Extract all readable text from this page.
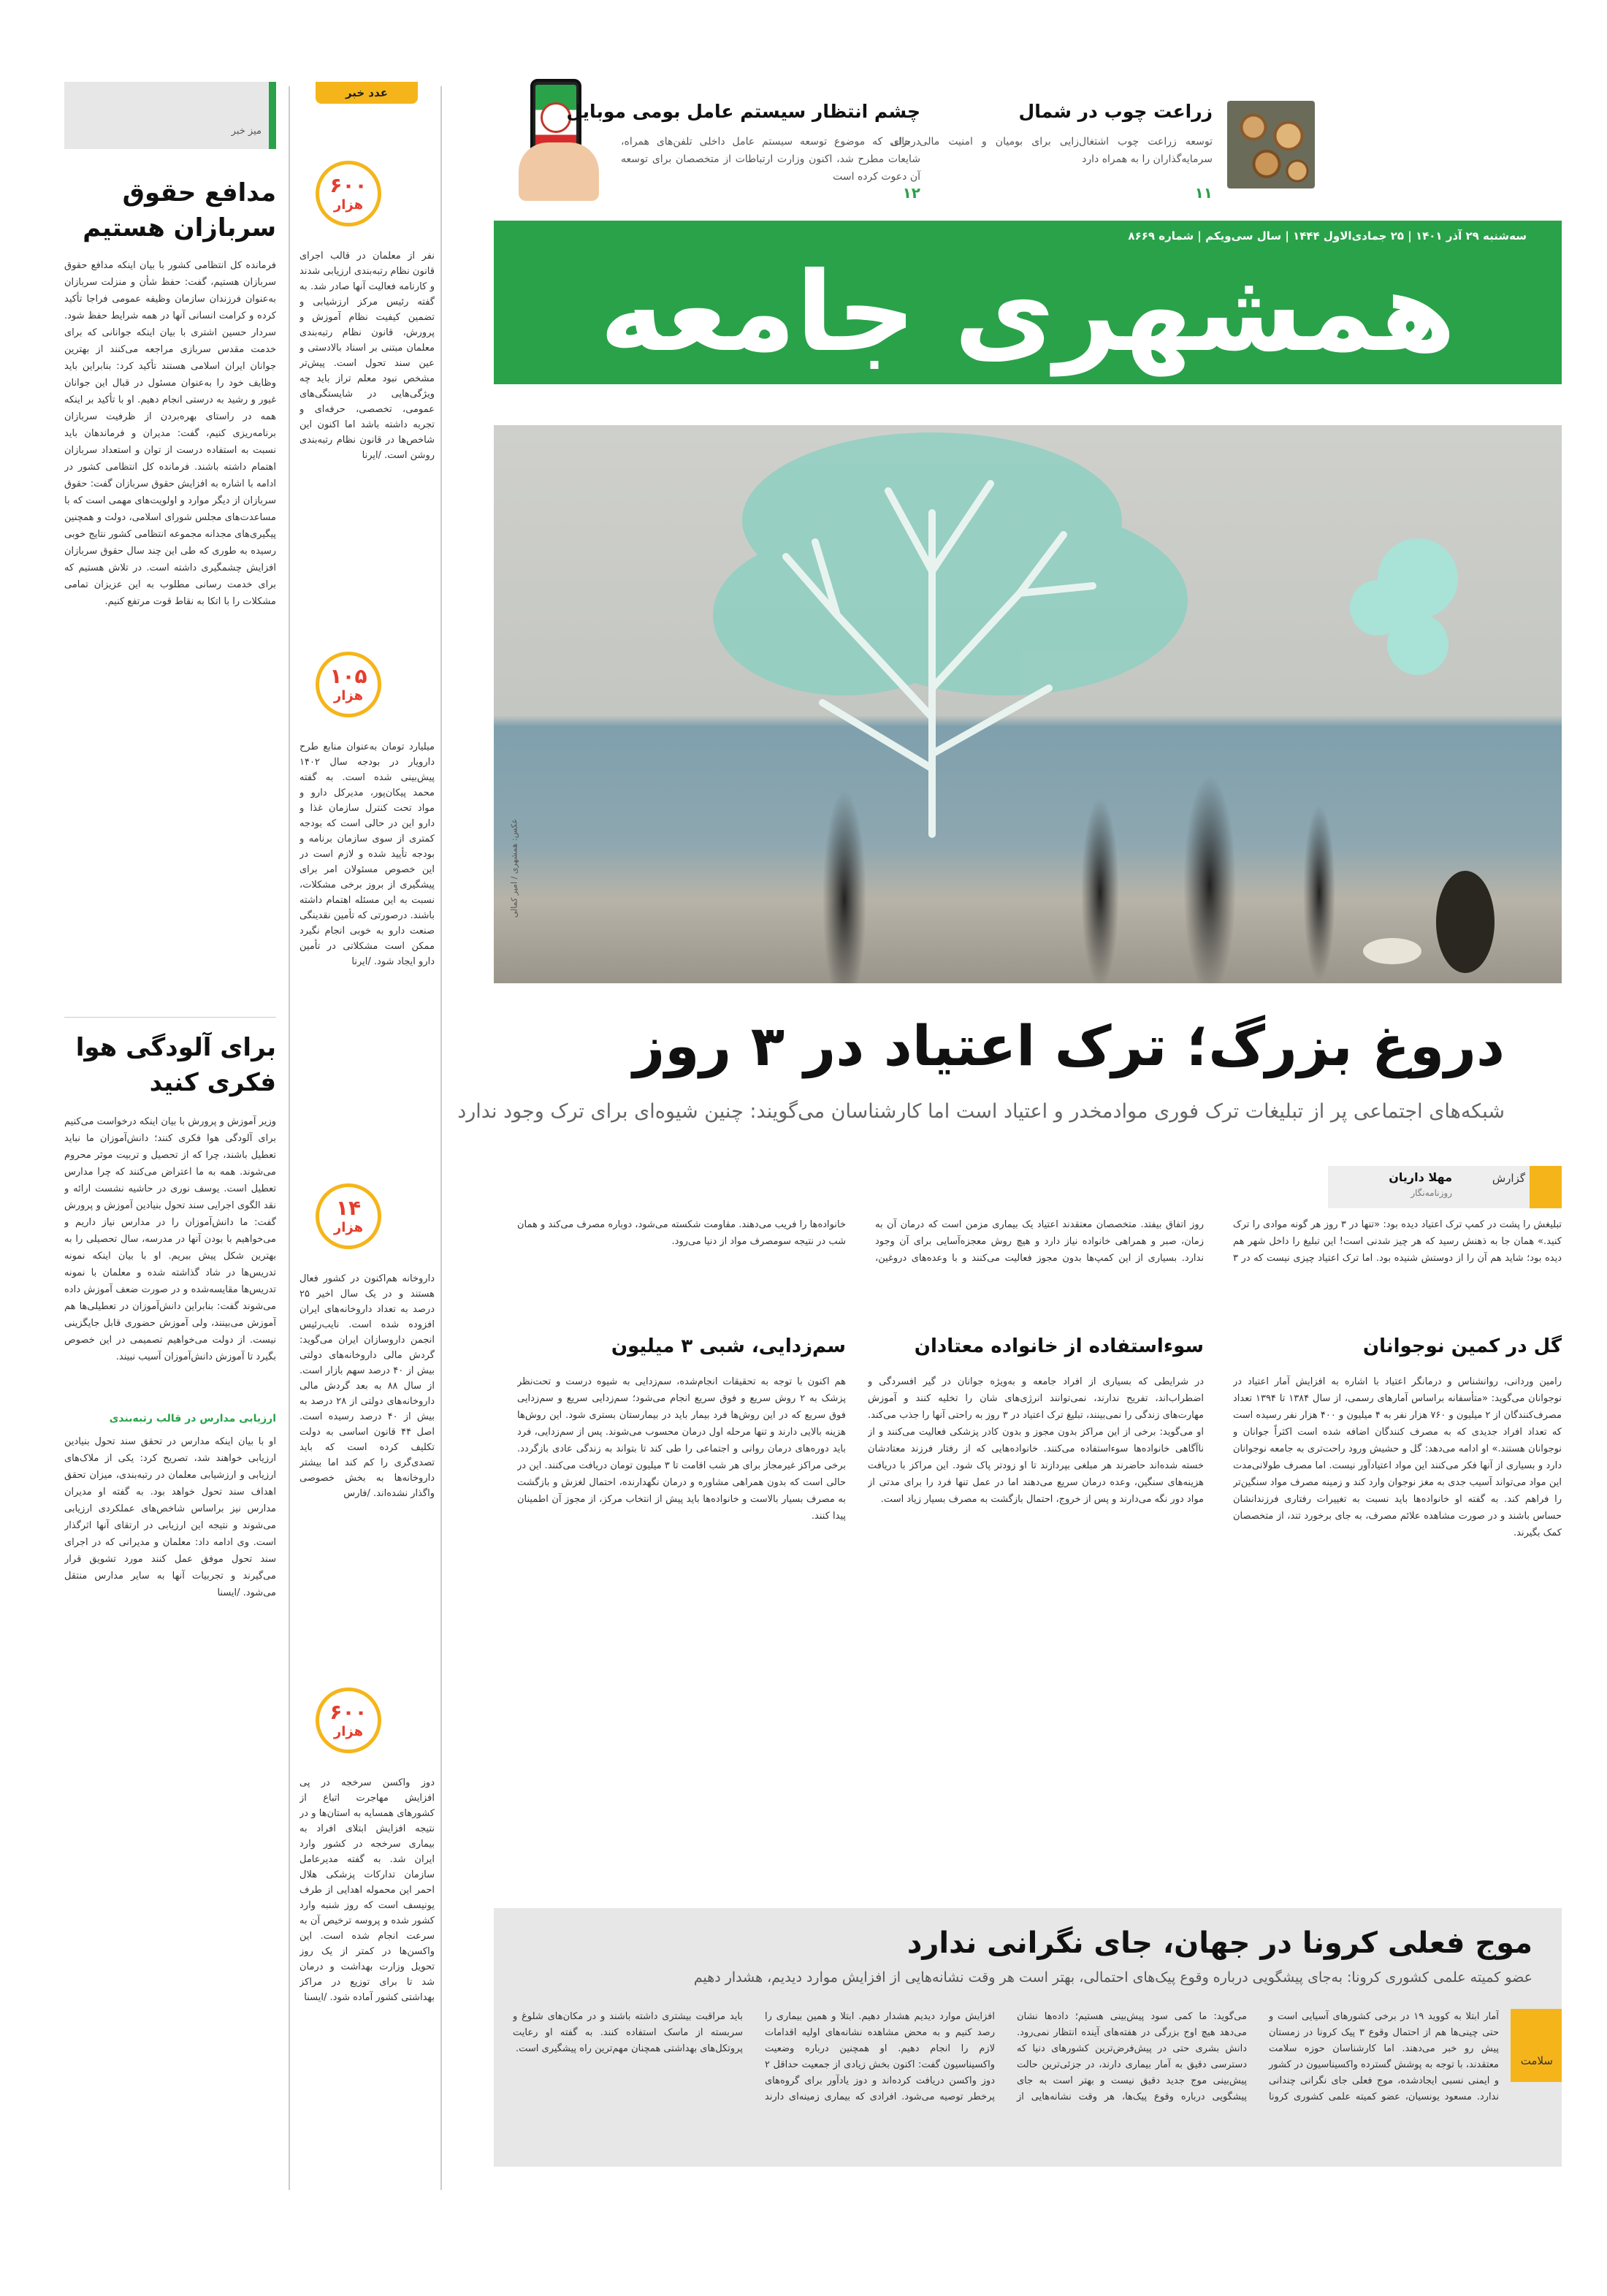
زراعت چوب در شمال
توسعه زراعت چوب اشتغال‌زایی برای بومیان و امنیت مالی برای سرمایه‌گذاران را به همراه دارد
۱۱
چشم انتظار سیستم عامل بومی موبایل
درحالی که موضوع توسعه سیستم عامل داخلی تلفن‌های همراه، شایعات مطرح شد، اکنون وزارت ارتباطات از متخصصان برای توسعه آن دعوت کرده است
۱۲
سه‌شنبه ۲۹ آذر ۱۴۰۱ | ۲۵ جمادی‌الاول ۱۴۴۴ | سال سی‌ویکم | شماره ۸۶۶۹
همشهری جامعه
عکس: همشهری / امیر کمالی
دروغ بزرگ؛ ترک اعتیاد در ۳ روز
شبکه‌های اجتماعی پر از تبلیغات ترک فوری موادمخدر و اعتیاد است اما کارشناسان می‌گویند: چنین شیوه‌ای برای ترک وجود ندارد
گزارش
مهلا داریان
روزنامه‌نگار
تبلیغش را پشت در کمپ ترک اعتیاد دیده بود: «تنها در ۳ روز هر گونه موادی را ترک کنید.» همان جا به ذهنش رسید که هر چیز شدنی است! این تبلیغ را داخل شهر هم دیده بود؛ شاید هم آن را از دوستش شنیده بود. اما ترک اعتیاد چیزی نیست که در ۳ روز اتفاق بیفتد. متخصصان معتقدند اعتیاد یک بیماری مزمن است که درمان آن به زمان، صبر و همراهی خانواده نیاز دارد و هیچ روش معجزه‌آسایی برای آن وجود ندارد. بسیاری از این کمپ‌ها بدون مجوز فعالیت می‌کنند و با وعده‌های دروغین، خانواده‌ها را فریب می‌دهند. مقاومت شکسته می‌شود، دوباره مصرف می‌کند و همان شب در نتیجه سو‌مصرف مواد از دنیا می‌رود.
گل در کمین نوجوانان
رامین وردانی، روانشناس و درمانگر اعتیاد با اشاره به افزایش آمار اعتیاد در نوجوانان می‌گوید: «متأسفانه براساس آمارهای رسمی، از سال ۱۳۸۴ تا ۱۳۹۴ تعداد مصرف‌کنندگان از ۲ میلیون و ۷۶۰ هزار نفر به ۴ میلیون و ۴۰۰ هزار نفر رسیده است که تعداد افراد جدیدی که به مصرف کنندگان اضافه شده است اکثراً جوانان و نوجوانان هستند.» او ادامه می‌دهد: گل و حشیش ورود راحت‌تری به جامعه نوجوانان دارد و بسیاری از آنها فکر می‌کنند این مواد اعتیادآور نیست. اما مصرف طولانی‌مدت این مواد می‌تواند آسیب جدی به مغز نوجوان وارد کند و زمینه مصرف مواد سنگین‌تر را فراهم کند. به گفته او خانواده‌ها باید نسبت به تغییرات رفتاری فرزندانشان حساس باشند و در صورت مشاهده علائم مصرف، به جای برخورد تند، از متخصصان کمک بگیرند.
سوءاستفاده از خانواده معتادان
در شرایطی که بسیاری از افراد جامعه و به‌ویژه جوانان در گیر افسردگی و اضطراب‌اند، تفریح ندارند، نمی‌توانند انرژی‌های شان را تخلیه کنند و آموزش مهارت‌های زندگی را نمی‌بینند، تبلیغ ترک اعتیاد در ۳ روز به راحتی آنها را جذب می‌کند. او می‌گوید: برخی از این مراکز بدون مجوز و بدون کادر پزشکی فعالیت می‌کنند و از ناآگاهی خانواده‌ها سوءاستفاده می‌کنند. خانواده‌هایی که از رفتار فرزند معتادشان خسته شده‌اند حاضرند هر مبلغی بپردازند تا او زودتر پاک شود. این مراکز با دریافت هزینه‌های سنگین، وعده درمان سریع می‌دهند اما در عمل تنها فرد را برای مدتی از مواد دور نگه می‌دارند و پس از خروج، احتمال بازگشت به مصرف بسیار زیاد است.
سم‌زدایی، شبی ۳ میلیون
هم اکنون با توجه به تحقیقات انجام‌شده، سم‌زدایی به شیوه درست و تحت‌نظر پزشک به ۲ روش سریع و فوق سریع انجام می‌شود؛ سم‌زدایی سریع و سم‌زدایی فوق سریع که در این روش‌ها فرد بیمار باید در بیمارستان بستری شود. این روش‌ها هزینه بالایی دارند و تنها مرحله اول درمان محسوب می‌شوند. پس از سم‌زدایی، فرد باید دوره‌های درمان روانی و اجتماعی را طی کند تا بتواند به زندگی عادی بازگردد. برخی مراکز غیرمجاز برای هر شب اقامت تا ۳ میلیون تومان دریافت می‌کنند. این در حالی است که بدون همراهی مشاوره و درمان نگهدارنده، احتمال لغزش و بازگشت به مصرف بسیار بالاست و خانواده‌ها باید پیش از انتخاب مرکز، از مجوز آن اطمینان پیدا کنند.
موج فعلی کرونا در جهان، جای نگرانی ندارد
عضو کمیته علمی کشوری کرونا: به‌جای پیشگویی درباره وقوع پیک‌های احتمالی، بهتر است هر وقت نشانه‌هایی از افزایش موارد دیدیم، هشدار دهیم
سلامت
آمار ابتلا به کووید ۱۹ در برخی کشورهای آسیایی است و حتی چینی‌ها هم از احتمال وقوع ۳ پیک کرونا در زمستان پیش رو خبر می‌دهند. اما کارشناسان حوزه سلامت معتقدند، با توجه به پوشش گسترده واکسیناسیون در کشور و ایمنی نسبی ایجادشده، موج فعلی جای نگرانی چندانی ندارد. مسعود یونسیان، عضو کمیته علمی کشوری کرونا می‌گوید: ما کمی سود پیش‌بینی هستیم؛ داده‌ها نشان می‌دهد هیچ اوج بزرگی در هفته‌های آینده انتظار نمی‌رود. دانش بشری حتی در پیش‌فرض‌ترین کشورهای دنیا که دسترسی دقیق به آمار بیماری دارند، در جزئی‌ترین حالت پیش‌بینی موج جدید دقیق نیست و بهتر است به جای پیشگویی درباره وقوع پیک‌ها، هر وقت نشانه‌هایی از افزایش موارد دیدیم هشدار دهیم. ابتلا و همین بیماری را رصد کنیم و به محض مشاهده نشانه‌های اولیه اقدامات لازم را انجام دهیم. او همچنین درباره وضعیت واکسیناسیون گفت: اکنون بخش زیادی از جمعیت حداقل ۲ دوز واکسن دریافت کرده‌اند و دوز یادآور برای گروه‌های پرخطر توصیه می‌شود. افرادی که بیماری زمینه‌ای دارند باید مراقبت بیشتری داشته باشند و در مکان‌های شلوغ و سربسته از ماسک استفاده کنند. به گفته او رعایت پروتکل‌های بهداشتی همچنان مهم‌ترین راه پیشگیری است.
عدد خبر
۶۰۰
هزار
نفر از معلمان در قالب اجرای قانون نظام رتبه‌بندی ارزیابی شدند و کارنامه فعالیت آنها صادر شد. به گفته رئیس مرکز ارزشیابی و تضمین کیفیت نظام آموزش و پرورش، قانون نظام رتبه‌بندی معلمان مبتنی بر اسناد بالادستی و عین سند تحول است. پیش‌تر مشخص نبود معلم تراز باید چه ویژگی‌هایی در شایستگی‌های عمومی، تخصصی، حرفه‌ای و تجربه داشته باشد اما اکنون این شاخص‌ها در قانون نظام رتبه‌بندی روشن است. /ایرنا
۱۰۵
هزار
میلیارد تومان به‌عنوان منابع طرح دارویار در بودجه سال ۱۴۰۲ پیش‌بینی شده است. به گفته محمد پیکان‌پور، مدیرکل دارو و مواد تحت کنترل سازمان غذا و دارو این در حالی است که بودجه کمتری از سوی سازمان برنامه و بودجه تأیید شده و لازم است در این خصوص مسئولان امر برای پیشگیری از بروز برخی مشکلات، نسبت به این مسئله اهتمام داشته باشند. درصورتی که تأمین نقدینگی صنعت دارو به خوبی انجام نگیرد ممکن است مشکلاتی در تأمین دارو ایجاد شود. /ایرنا
۱۴
هزار
داروخانه هم‌اکنون در کشور فعال هستند و در یک سال اخیر ۲۵ درصد به تعداد داروخانه‌های ایران افزوده شده است. نایب‌رئیس انجمن داروسازان ایران می‌گوید: گردش مالی داروخانه‌های دولتی بیش از ۴۰ درصد سهم بازار است. از سال ۸۸ به بعد گردش مالی داروخانه‌های دولتی از ۲۸ درصد به بیش از ۴۰ درصد رسیده است. اصل ۴۴ قانون اساسی به دولت تکلیف کرده است که باید تصدی‌گری را کم کند اما بیشتر داروخانه‌ها به بخش خصوصی واگذار نشده‌اند. /فارس
۶۰۰
هزار
دوز واکسن سرخجه در پی افزایش مهاجرت اتباع از کشورهای همسایه به استان‌ها و در نتیجه افزایش ابتلای افراد به بیماری سرخجه در کشور وارد ایران شد. به گفته مدیرعامل سازمان تدارکات پزشکی هلال احمر این محموله اهدایی از طرف یونیسف است که روز شنبه وارد کشور شده و پروسه ترخیص آن به سرعت انجام شده است. این واکسن‌ها در کمتر از یک روز تحویل وزارت بهداشت و درمان شد تا برای توزیع در مراکز بهداشتی کشور آماده شود. /ایسنا
میز خبر
مدافع حقوق سربازان هستیم
فرمانده کل انتظامی کشور با بیان اینکه مدافع حقوق سربازان هستیم، گفت: حفظ شأن و منزلت سربازان به‌عنوان فرزندان سازمان وظیفه عمومی فراجا تأکید کرده و کرامت انسانی آنها در همه شرایط حفظ شود. سردار حسین اشتری با بیان اینکه جوانانی که برای خدمت مقدس سربازی مراجعه می‌کنند از بهترین جوانان ایران اسلامی هستند تأکید کرد: بنابراین باید وظایف خود را به‌عنوان مسئول در قبال این جوانان غیور و رشید به درستی انجام دهیم. او با تأکید بر اینکه همه در راستای بهره‌بردن از ظرفیت سربازان برنامه‌ریزی کنیم، گفت: مدیران و فرماندهان باید نسبت به استفاده درست از توان و استعداد سربازان اهتمام داشته باشند. فرمانده کل انتظامی کشور در ادامه با اشاره به افزایش حقوق سربازان گفت: حقوق سربازان از دیگر موارد و اولویت‌های مهمی است که با مساعدت‌های مجلس شورای اسلامی، دولت و همچنین پیگیری‌های مجدانه مجموعه انتظامی کشور نتایج خوبی رسیده به طوری که طی این چند سال حقوق سربازان افزایش چشمگیری داشته است. در تلاش هستیم که برای خدمت رسانی مطلوب به این عزیزان تمامی مشکلات را با اتکا به نقاط قوت مرتفع کنیم.
برای آلودگی هوا فکری کنید
وزیر آموزش و پرورش با بیان اینکه درخواست می‌کنیم برای آلودگی هوا فکری کنند؛ دانش‌آموزان ما نباید تعطیل باشند، چرا که از تحصیل و تربیت موثر محروم می‌شوند. همه به ما اعتراض می‌کنند که چرا مدارس تعطیل است. یوسف نوری در حاشیه نشست ارائه و نقد الگوی اجرایی سند تحول بنیادین آموزش و پرورش گفت: ما دانش‌آموزان را در مدارس نیاز داریم و می‌خواهیم با بودن آنها در مدرسه، سال تحصیلی را به بهترین شکل پیش ببریم. او با بیان اینکه نمونه تدریس‌ها در شاد گذاشته شده و معلمان با نمونه تدریس‌ها مقایسه‌شده و در صورت ضعف آموزش داده می‌شوند گفت: بنابراین دانش‌آموزان در تعطیلی‌ها هم آموزش می‌بینند، ولی آموزش حضوری قابل جایگزینی نیست. از دولت می‌خواهیم تصمیمی در این خصوص بگیرد تا آموزش دانش‌آموزان آسیب نبیند.
ارزیابی مدارس در قالب رتبه‌بندی
او با بیان اینکه مدارس در تحقق سند تحول بنیادین ارزیابی خواهند شد، تصریح کرد: یکی از ملاک‌های ارزیابی و ارزشیابی معلمان در رتبه‌بندی، میزان تحقق اهداف سند تحول خواهد بود. به گفته او مدیران مدارس نیز براساس شاخص‌های عملکردی ارزیابی می‌شوند و نتیجه این ارزیابی در ارتقای آنها اثرگذار است. وی ادامه داد: معلمان و مدیرانی که در اجرای سند تحول موفق عمل کنند مورد تشویق قرار می‌گیرند و تجربیات آنها به سایر مدارس منتقل می‌شود. /ایسنا
